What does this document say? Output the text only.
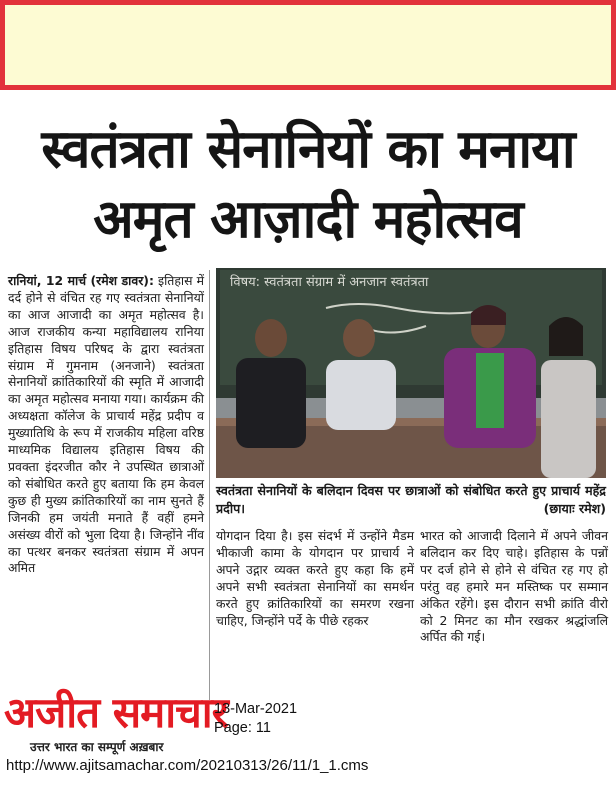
स्वतंत्रता सेनानियों का मनाया
अमृत आज़ादी महोत्सव
रानियां, 12 मार्च (रमेश डावर): इतिहास में दर्द होने से वंचित रह गए स्वतंत्रता सेनानियों का आज आजादी का अमृत महोत्सव है। आज राजकीय कन्या महाविद्यालय रानिया इतिहास विषय परिषद के द्वारा स्वतंत्रता संग्राम में गुमनाम (अनजाने) स्वतंत्रता सेनानियों क्रांतिकारियों की स्मृति में आजादी का अमृत महोत्सव मनाया गया। कार्यक्रम की अध्यक्षता कॉलेज के प्राचार्य महेंद्र प्रदीप व मुख्यातिथि के रूप में राजकीय महिला वरिष्ठ माध्यमिक विद्यालय इतिहास विषय की प्रवक्ता इंदरजीत कौर ने उपस्थित छात्राओं को संबोधित करते हुए बताया कि हम केवल कुछ ही मुख्य क्रांतिकारियों का नाम सुनते हैं जिनकी हम जयंती मनाते हैं वहीं हमने असंख्य वीरों को भुला दिया है। जिन्होंने नींव का पत्थर बनकर स्वतंत्रता संग्राम में अपन अमित
विषय: स्वतंत्रता संग्राम में अनजान स्वतंत्रता
स्वतंत्रता सेनानियों के बलिदान दिवस पर छात्राओं को संबोधित करते हुए प्राचार्य महेंद्र प्रदीप।	(छायाः रमेश)
योगदान दिया है। इस संदर्भ में उन्होंने मैडम भीकाजी कामा के योगदान पर प्राचार्य ने अपने उद्गार व्यक्त करते हुए कहा कि हमें अपने सभी स्वतंत्रता सेनानियों का समर्थन करते हुए क्रांतिकारियों का समरण रखना चाहिए, जिन्होंने पर्दे के पीछे रहकर
भारत को आजादी दिलाने में अपने जीवन बलिदान कर दिए चाहे। इतिहास के पन्नों पर दर्ज होने से होने से वंचित रह गए हो परंतु वह हमारे मन मस्तिष्क पर सम्मान अंकित रहेंगे। इस दौरान सभी क्रांति वीरो को 2 मिनट का मौन रखकर श्रद्धांजलि अर्पित की गई।
अजीत समाचार
उत्तर भारत का सम्पूर्ण अख़बार
13-Mar-2021
Page: 11
http://www.ajitsamachar.com/20210313/26/11/1_1.cms
